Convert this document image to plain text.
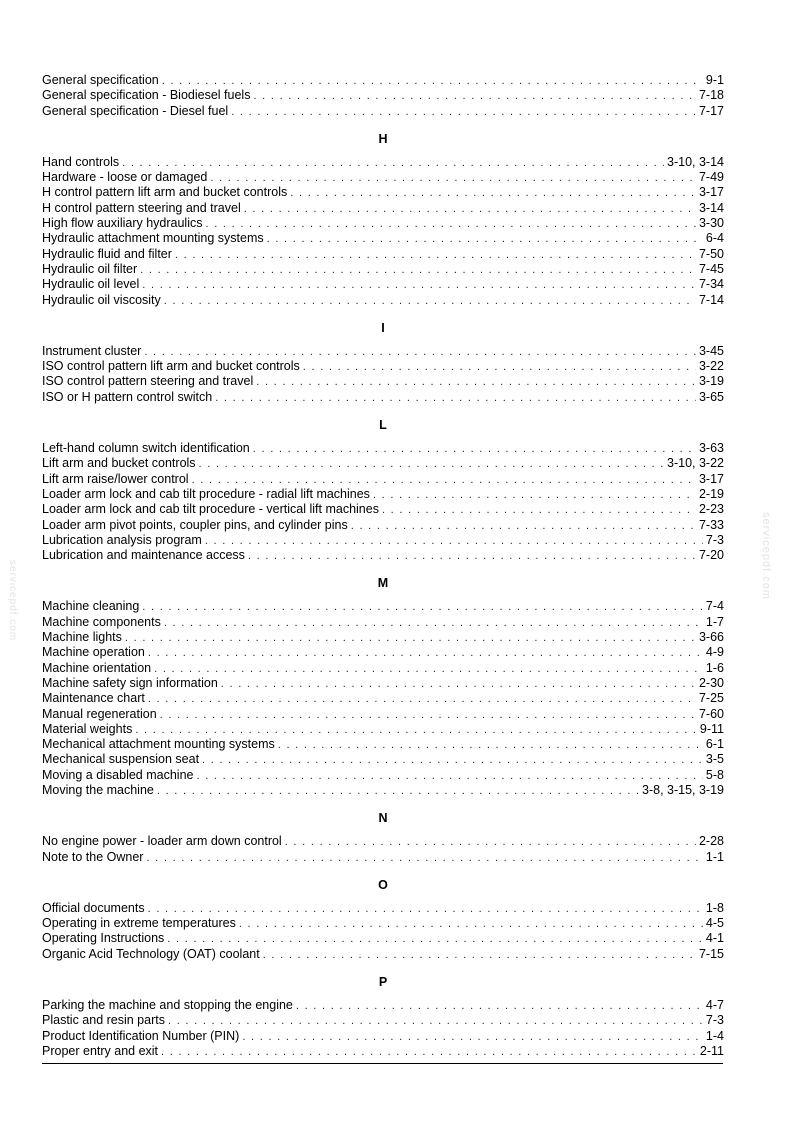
General specification . . .	9-1
General specification - Biodiesel fuels . . .	7-18
General specification - Diesel fuel . . .	7-17
H
Hand controls . . .	3-10, 3-14
Hardware - loose or damaged . . .	7-49
H control pattern lift arm and bucket controls . . .	3-17
H control pattern steering and travel . . .	3-14
High flow auxiliary hydraulics . . .	3-30
Hydraulic attachment mounting systems . . .	6-4
Hydraulic fluid and filter . . .	7-50
Hydraulic oil filter . . .	7-45
Hydraulic oil level . . .	7-34
Hydraulic oil viscosity . . .	7-14
I
Instrument cluster . . .	3-45
ISO control pattern lift arm and bucket controls . . .	3-22
ISO control pattern steering and travel . . .	3-19
ISO or H pattern control switch . . .	3-65
L
Left-hand column switch identification . . .	3-63
Lift arm and bucket controls . . .	3-10, 3-22
Lift arm raise/lower control . . .	3-17
Loader arm lock and cab tilt procedure - radial lift machines . . .	2-19
Loader arm lock and cab tilt procedure - vertical lift machines . . .	2-23
Loader arm pivot points, coupler pins, and cylinder pins . . .	7-33
Lubrication analysis program . . .	7-3
Lubrication and maintenance access . . .	7-20
M
Machine cleaning . . .	7-4
Machine components . . .	1-7
Machine lights . . .	3-66
Machine operation . . .	4-9
Machine orientation . . .	1-6
Machine safety sign information . . .	2-30
Maintenance chart . . .	7-25
Manual regeneration . . .	7-60
Material weights . . .	9-11
Mechanical attachment mounting systems . . .	6-1
Mechanical suspension seat . . .	3-5
Moving a disabled machine . . .	5-8
Moving the machine . . .	3-8, 3-15, 3-19
N
No engine power - loader arm down control . . .	2-28
Note to the Owner . . .	1-1
O
Official documents . . .	1-8
Operating in extreme temperatures . . .	4-5
Operating Instructions . . .	4-1
Organic Acid Technology (OAT) coolant . . .	7-15
P
Parking the machine and stopping the engine . . .	4-7
Plastic and resin parts . . .	7-3
Product Identification Number (PIN) . . .	1-4
Proper entry and exit . . .	2-11
servicepdf.com
servicepdf.com
